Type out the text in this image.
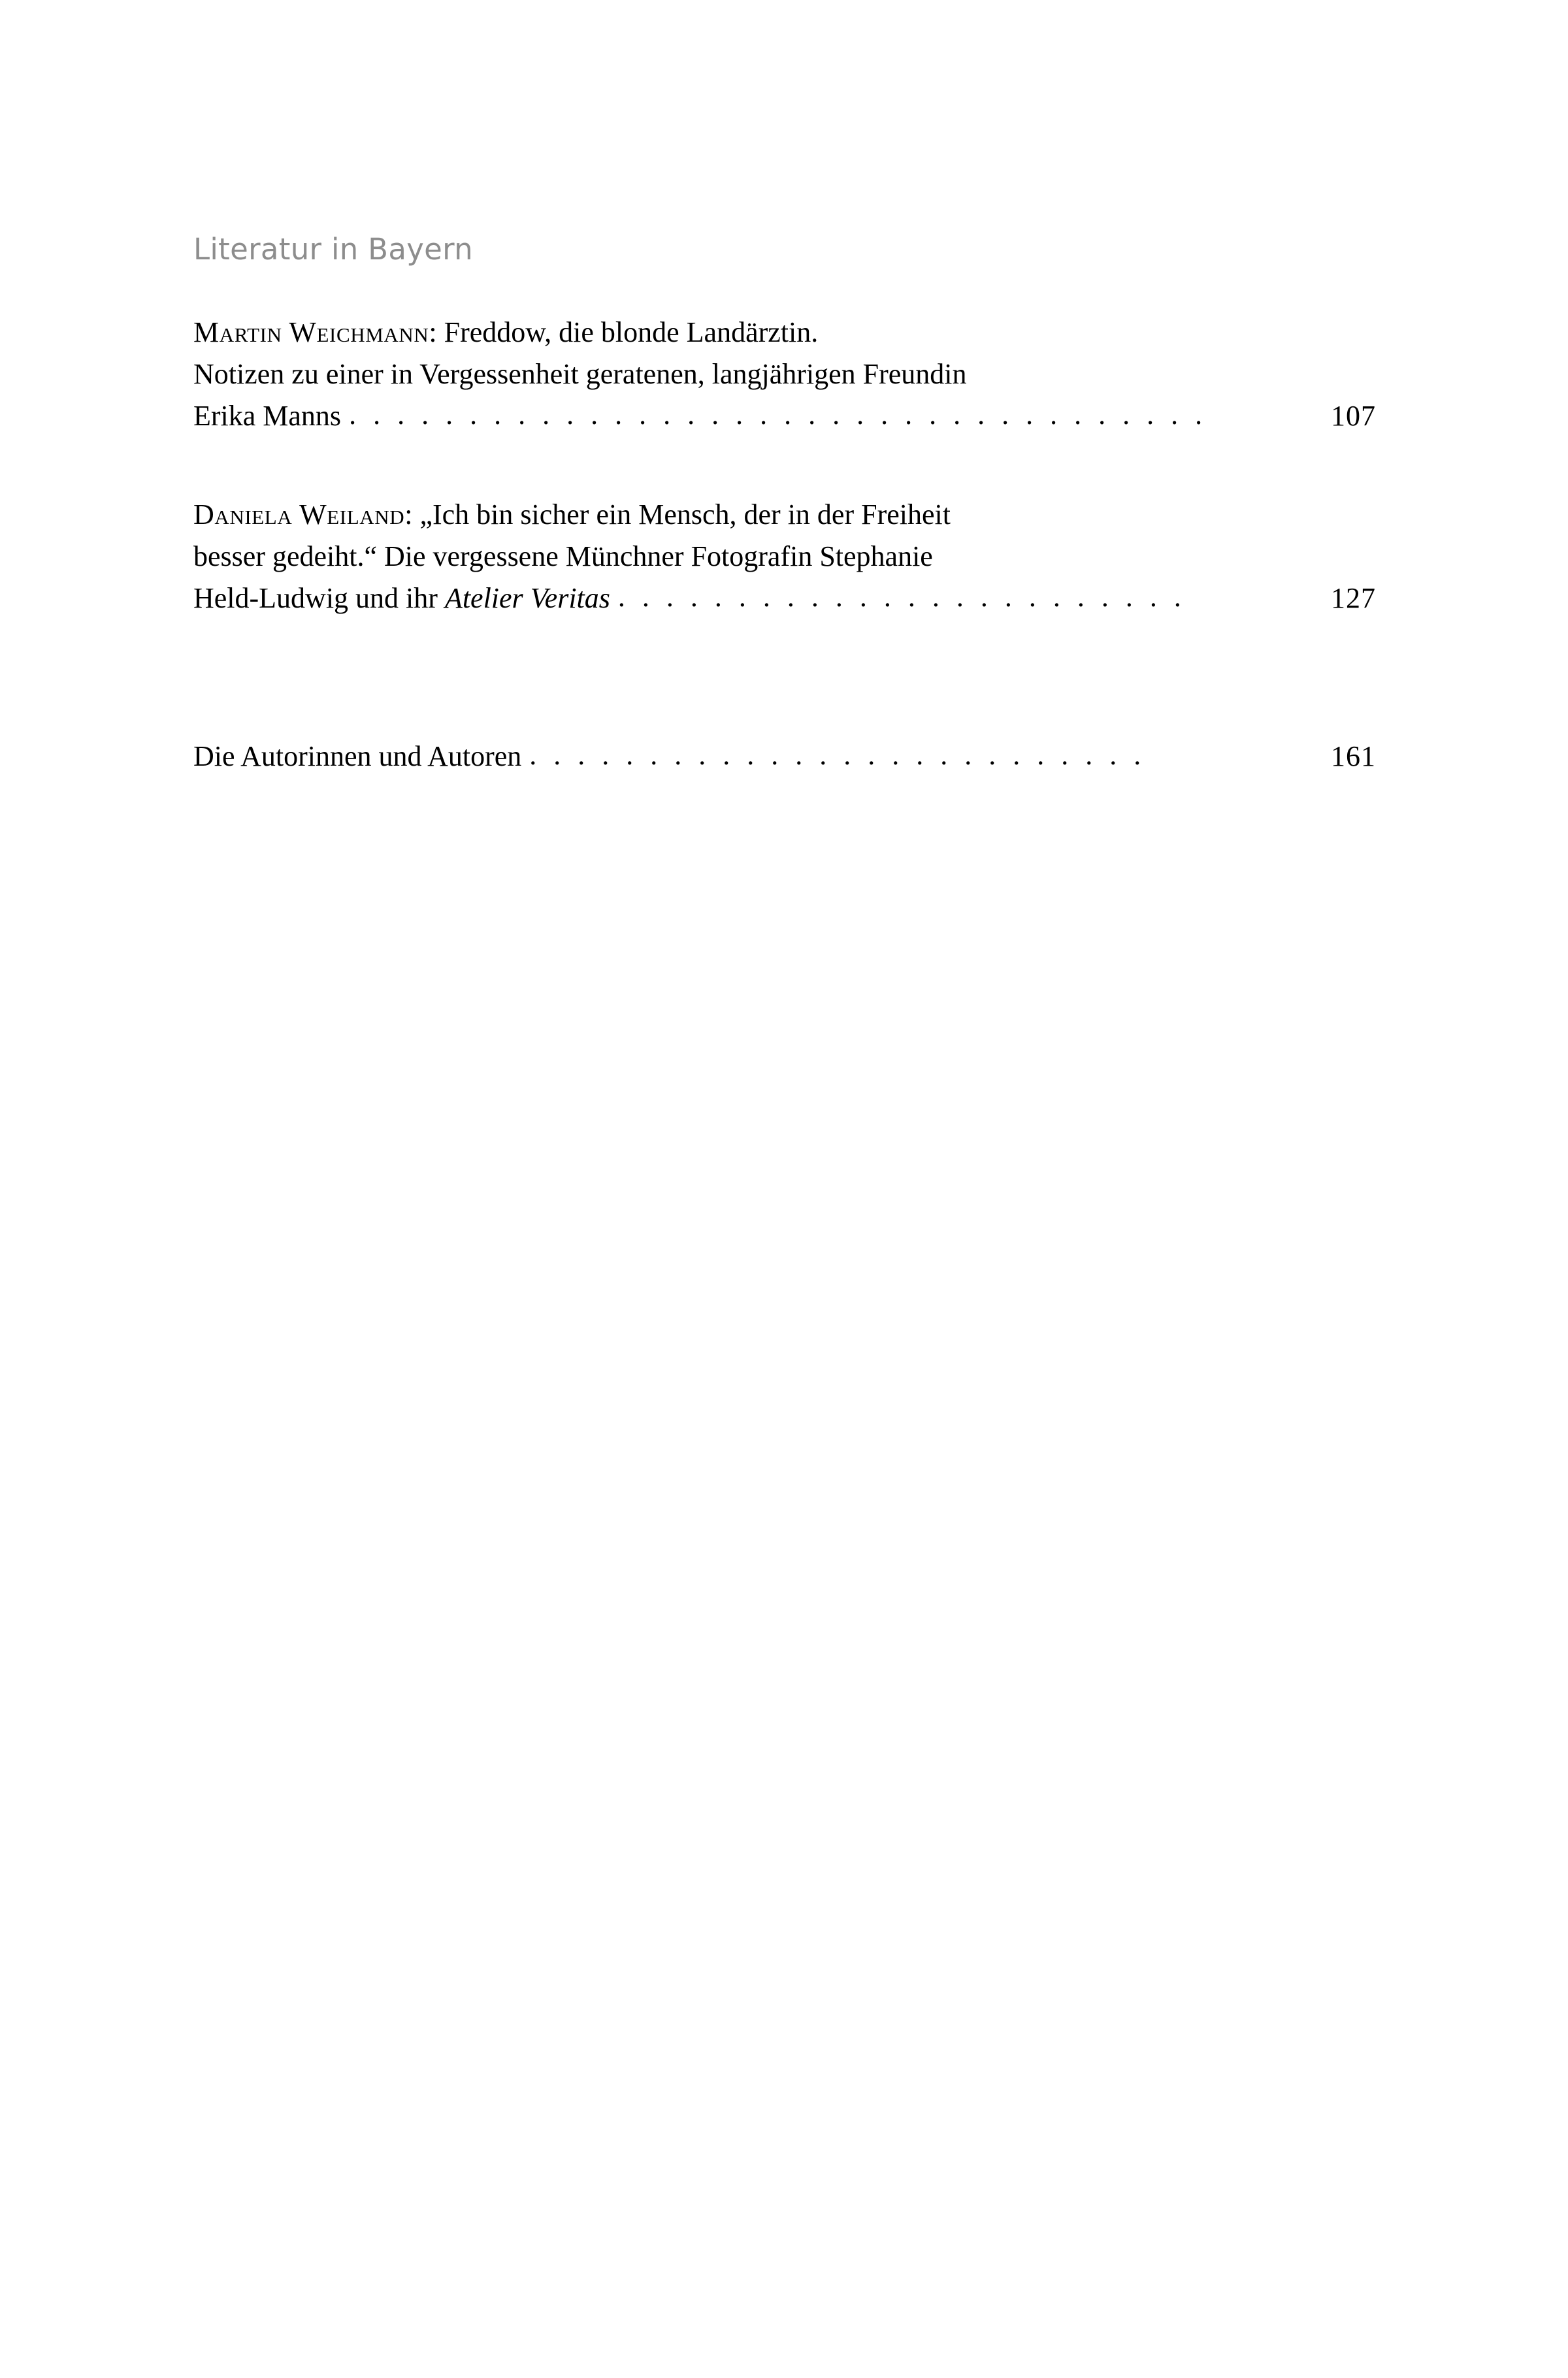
Literatur in Bayern
Martin Weichmann: Freddow, die blonde Landärztin.
Notizen zu einer in Vergessenheit geratenen, langjährigen Freundin
Erika Manns . . . . . . . . . . . . . . . . . . . . . . . . . . . . . . . . . . . .	107
Daniela Weiland: „Ich bin sicher ein Mensch, der in der Freiheit
besser gedeiht.“ Die vergessene Münchner Fotografin Stephanie
Held-Ludwig und ihr Atelier Veritas . . . . . . . . . . . . . . . . . . . . . . . .	127
Die Autorinnen und Autoren . . . . . . . . . . . . . . . . . . . . . . . . . .	161
